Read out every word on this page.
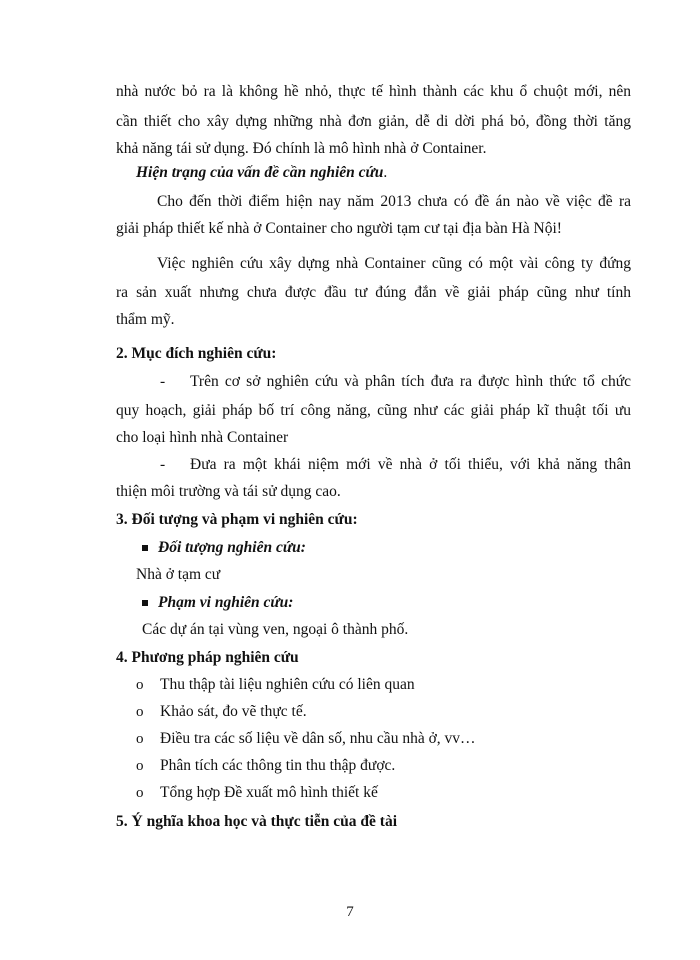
nhà nước bỏ ra là không hề nhỏ, thực tế hình thành các khu ổ chuột mới, nên
cần thiết cho xây dựng những nhà đơn giản, dễ di dời phá bỏ, đồng thời tăng
khả năng tái sử dụng. Đó chính là mô hình nhà ở Container.
Hiện trạng của vấn đề cần nghiên cứu.
Cho đến thời điểm hiện nay năm 2013 chưa có đề án nào về việc đề ra
giải pháp thiết kế nhà ở Container cho người tạm cư tại địa bàn Hà Nội!
Việc nghiên cứu xây dựng nhà Container cũng có một vài công ty đứng
ra sản xuất nhưng chưa được đầu tư đúng đắn về giải pháp cũng như tính
thẩm mỹ.
2. Mục đích nghiên cứu:
- Trên cơ sở nghiên cứu và phân tích đưa ra được hình thức tổ chức
quy hoạch, giải pháp bố trí công năng, cũng như các giải pháp kĩ thuật tối ưu
cho loại hình nhà Container
- Đưa ra một khái niệm mới về nhà ở tối thiểu, với khả năng thân
thiện môi trường và tái sử dụng cao.
3. Đối tượng và phạm vi nghiên cứu:
Đối tượng nghiên cứu:
Nhà ở tạm cư
Phạm vi nghiên cứu:
Các dự án tại vùng ven, ngoại ô thành phố.
4. Phương pháp nghiên cứu
o Thu thập tài liệu nghiên cứu có liên quan
o Khảo sát, đo vẽ thực tế.
o Điều tra các số liệu về dân số, nhu cầu nhà ở, vv…
o Phân tích các thông tin thu thập được.
o Tổng hợp Đề xuất mô hình thiết kế
5. Ý nghĩa khoa học và thực tiễn của đề tài
7
